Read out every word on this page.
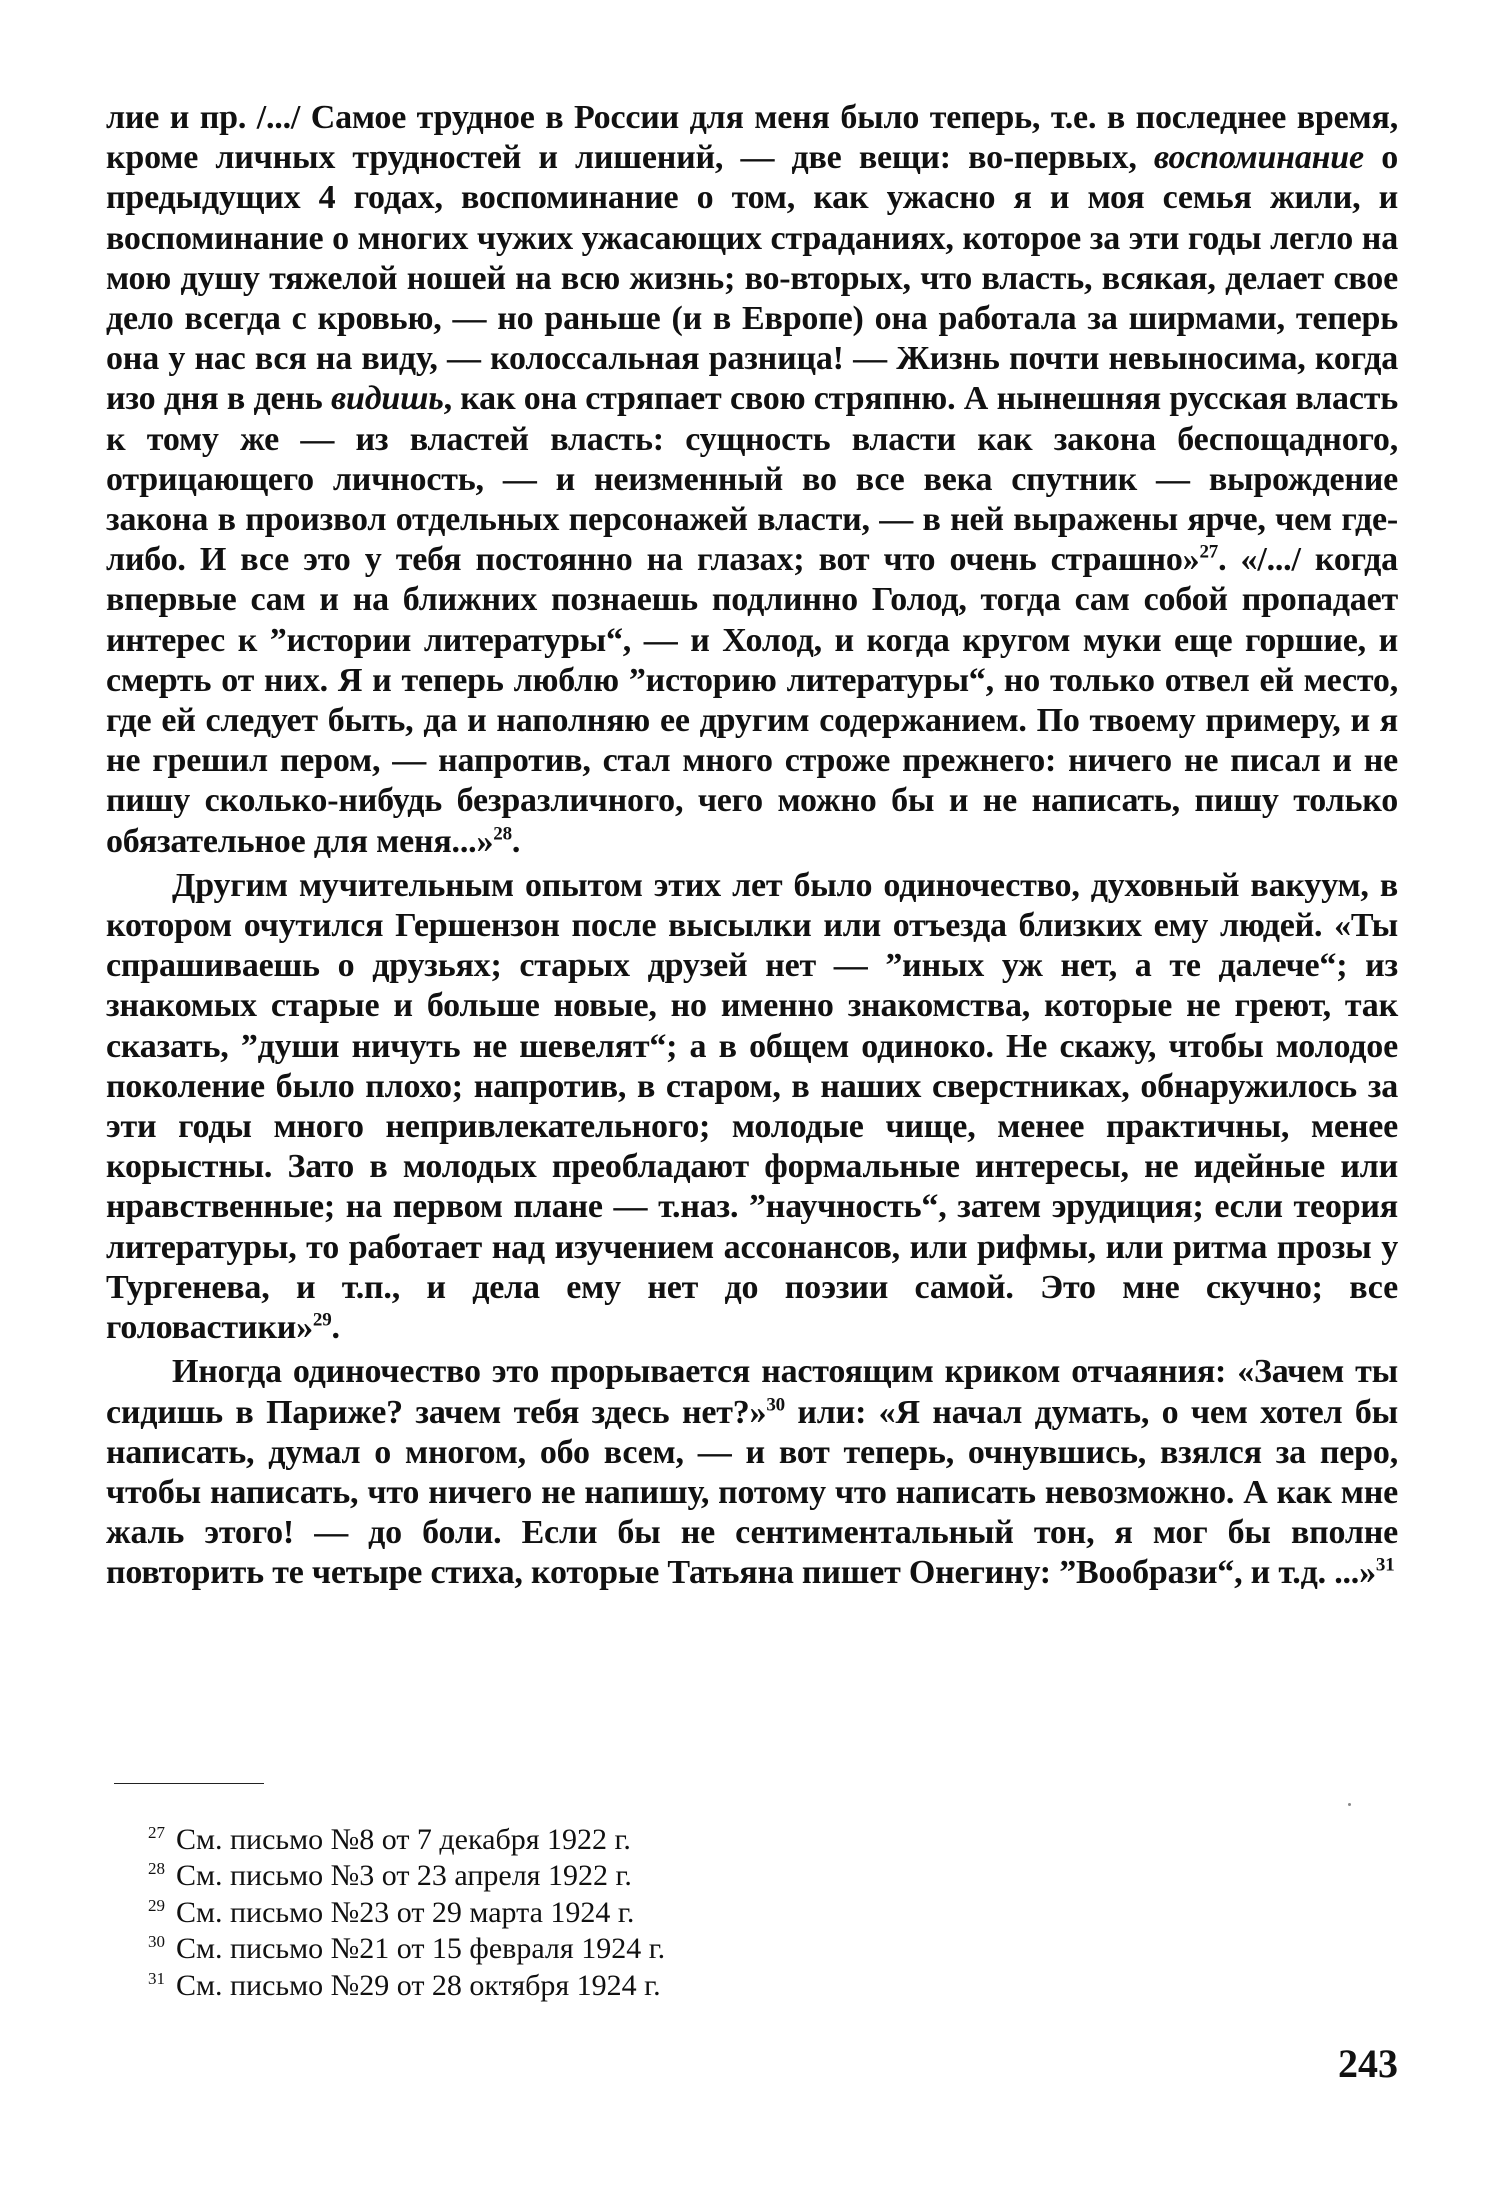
лие и пр. /.../ Самое трудное в России для меня было теперь, т.е. в последнее время, кроме личных трудностей и лишений, — две вещи: во-первых, воспоминание о предыдущих 4 годах, воспоминание о том, как ужасно я и моя семья жили, и воспоминание о многих чужих ужасающих страданиях, которое за эти годы легло на мою душу тяжелой ношей на всю жизнь; во-вторых, что власть, всякая, делает свое дело всегда с кровью, — но раньше (и в Европе) она работала за ширмами, теперь она у нас вся на виду, — колоссальная разница! — Жизнь почти невыносима, когда изо дня в день видишь, как она стряпает свою стряпню. А нынешняя русская власть к тому же — из властей власть: сущность власти как закона беспощадного, отрицающего личность, — и неизменный во все века спутник — вырождение закона в произвол отдельных персонажей власти, — в ней выражены ярче, чем где-либо. И все это у тебя постоянно на глазах; вот что очень страшно»$^{27}$. «/.../ когда впервые сам и на ближних познаешь подлинно Голод, тогда сам собой пропадает интерес к ”истории литературы“, — и Холод, и когда кругом муки еще горшие, и смерть от них. Я и теперь люблю ”историю литературы“, но только отвел ей место, где ей следует быть, да и наполняю ее другим содержанием. По твоему примеру, и я не грешил пером, — напротив, стал много строже прежнего: ничего не писал и не пишу сколько-нибудь безразличного, чего можно бы и не написать, пишу только обязательное для меня...»$^{28}$.

Другим мучительным опытом этих лет было одиночество, духовный вакуум, в котором очутился Гершензон после высылки или отъезда близких ему людей. «Ты спрашиваешь о друзьях; старых друзей нет — ”иных уж нет, а те далече“; из знакомых старые и больше новые, но именно знакомства, которые не греют, так сказать, ”души ничуть не шевелят“; а в общем одиноко. Не скажу, чтобы молодое поколение было плохо; напротив, в старом, в наших сверстниках, обнаружилось за эти годы много непривлекательного; молодые чище, менее практичны, менее корыстны. Зато в молодых преобладают формальные интересы, не идейные или нравственные; на первом плане — т.наз. ”научность“, затем эрудиция; если теория литературы, то работает над изучением ассонансов, или рифмы, или ритма прозы у Тургенева, и т.п., и дела ему нет до поэзии самой. Это мне скучно; все головастики»$^{29}$.

Иногда одиночество это прорывается настоящим криком отчаяния: «Зачем ты сидишь в Париже? зачем тебя здесь нет?»$^{30}$ или: «Я начал думать, о чем хотел бы написать, думал о многом, обо всем, — и вот теперь, очнувшись, взялся за перо, чтобы написать, что ничего не напишу, потому что написать невозможно. А как мне жаль этого! — до боли. Если бы не сентиментальный тон, я мог бы вполне повторить те четыре стиха, которые Татьяна пишет Онегину: ”Вообрази“, и т.д. ...»$^{31}$

27 См. письмо №8 от 7 декабря 1922 г.
28 См. письмо №3 от 23 апреля 1922 г.
29 См. письмо №23 от 29 марта 1924 г.
30 См. письмо №21 от 15 февраля 1924 г.
31 См. письмо №29 от 28 октября 1924 г.
243
